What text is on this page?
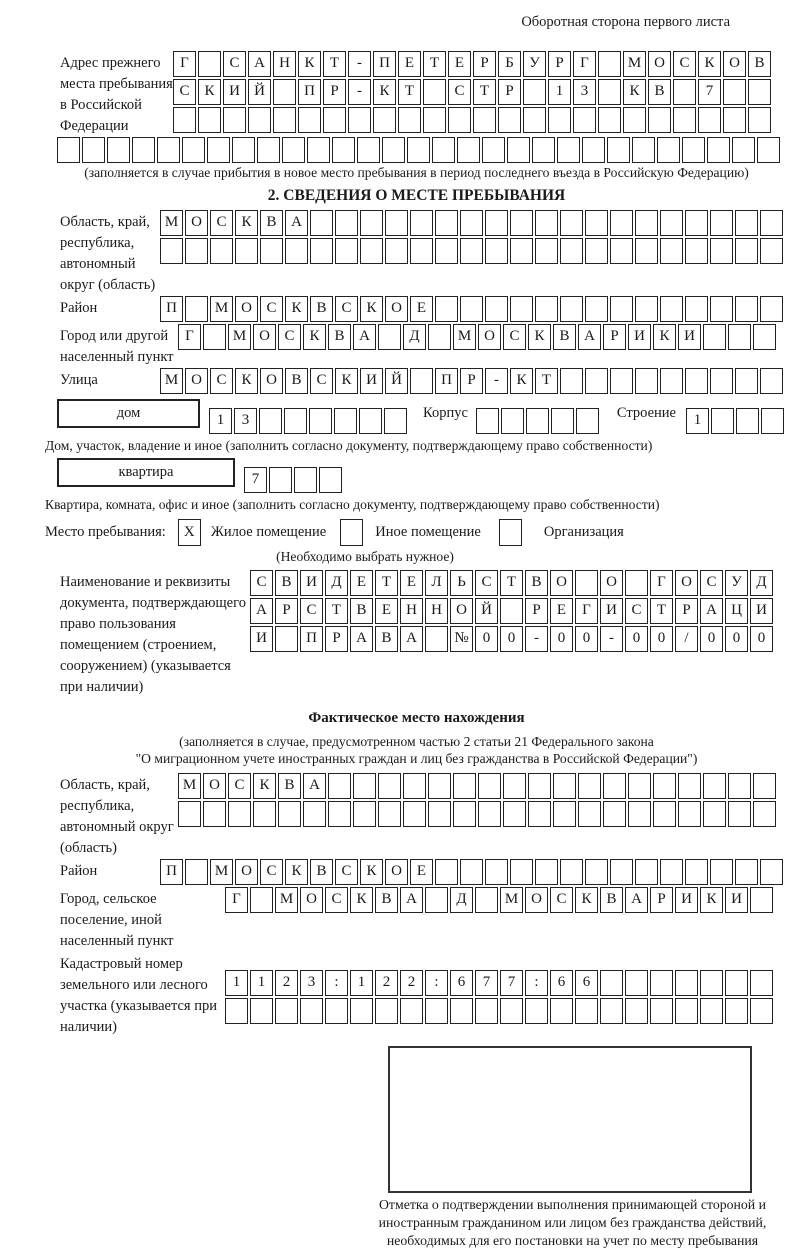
Оборотная сторона первого листа
Адрес прежнего места пребывания в Российской Федерации
Г	С А Н К Т - П Е Т Е Р Б У Р Г	М О С К О В
С К И Й	П Р - К Т	С Т Р	1 3	К В	7
(заполняется в случае прибытия в новое место пребывания в период последнего въезда в Российскую Федерацию)
2. СВЕДЕНИЯ О МЕСТЕ ПРЕБЫВАНИЯ
Область, край, республика, автономный округ (область)
М О С К В А
Район	П	М О С К В С К О Е
Город или другой населенный пункт
Г	М О С К В А	Д	М О С К В А Р И К И
Улица	М О С К О В С К И Й	П Р - К Т
дом	1 3	Корпус	Строение 1
Дом, участок, владение и иное (заполнить согласно документу, подтверждающему право собственности)
квартира	7
Квартира, комната, офис и иное (заполнить согласно документу, подтверждающему право собственности)
Место пребывания:	X	Жилое помещение	Иное помещение	Организация
(Необходимо выбрать нужное)
Наименование и реквизиты документа, подтверждающего право пользования помещением (строением, сооружением) (указывается при наличии)
С В И Д Е Т Е Л Ь С Т В О	О	Г О С У Д
А Р С Т В Е Н Н О Й	Р Е Г И С Т Р А Ц И
И	П Р А В А № 0 0 - 0 0 - 0 0 / 0 0 0
Фактическое место нахождения
(заполняется в случае, предусмотренном частью 2 статьи 21 Федерального закона
"О миграционном учете иностранных граждан и лиц без гражданства в Российской Федерации")
Область, край, республика, автономный округ (область)
М О С К В А
Район	П	М О С К В С К О Е
Город, сельское поселение, иной населенный пункт
Г	М О С К В А	Д	М О С К В А Р И К И
Кадастровый номер земельного или лесного участка (указывается при наличии)
1 1 2 3 : 1 2 2 : 6 7 7 : 6 6
Отметка о подтверждении выполнения принимающей стороной и иностранным гражданином или лицом без гражданства действий, необходимых для его постановки на учет по месту пребывания
